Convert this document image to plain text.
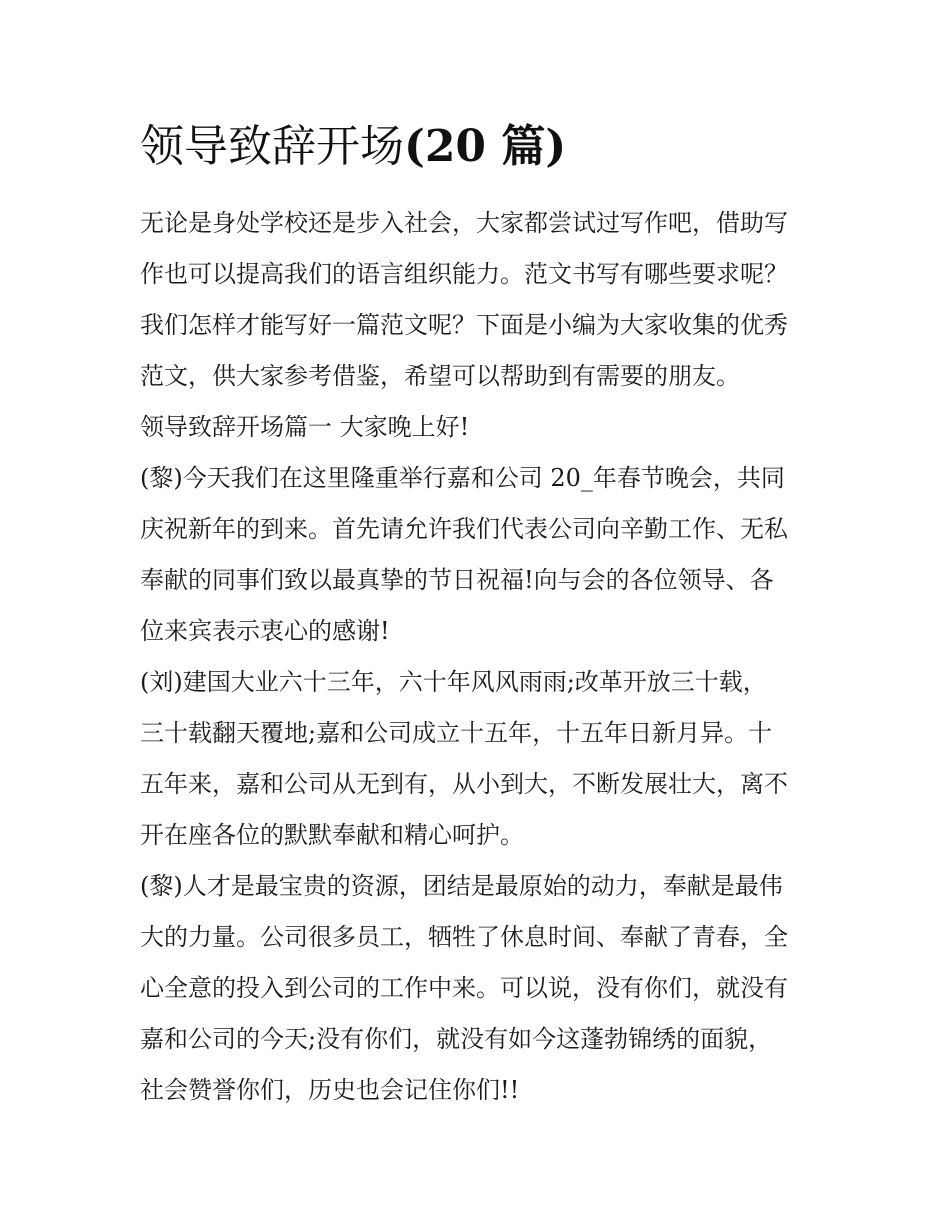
领导致辞开场(20 篇)
无论是身处学校还是步入社会，大家都尝试过写作吧，借助写
作也可以提高我们的语言组织能力。范文书写有哪些要求呢？
我们怎样才能写好一篇范文呢？下面是小编为大家收集的优秀
范文，供大家参考借鉴，希望可以帮助到有需要的朋友。
领导致辞开场篇一 大家晚上好!
(黎)今天我们在这里隆重举行嘉和公司 20_年春节晚会，共同
庆祝新年的到来。首先请允许我们代表公司向辛勤工作、无私
奉献的同事们致以最真挚的节日祝福!向与会的各位领导、各
位来宾表示衷心的感谢!
(刘)建国大业六十三年，六十年风风雨雨;改革开放三十载，
三十载翻天覆地;嘉和公司成立十五年，十五年日新月异。十
五年来，嘉和公司从无到有，从小到大，不断发展壮大，离不
开在座各位的默默奉献和精心呵护。
(黎)人才是最宝贵的资源，团结是最原始的动力，奉献是最伟
大的力量。公司很多员工，牺牲了休息时间、奉献了青春，全
心全意的投入到公司的工作中来。可以说，没有你们，就没有
嘉和公司的今天;没有你们，就没有如今这蓬勃锦绣的面貌，
社会赞誉你们，历史也会记住你们!!
